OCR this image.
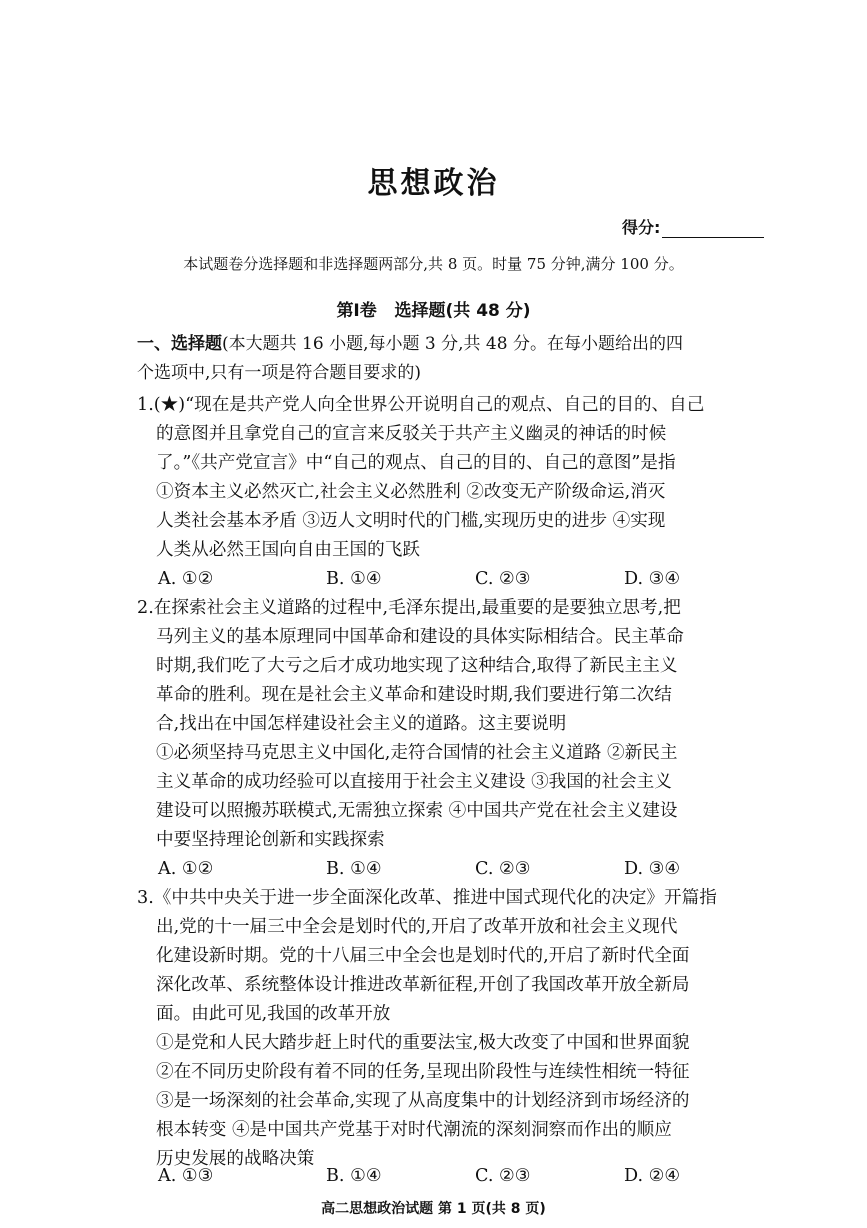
思想政治
得分:
本试题卷分选择题和非选择题两部分,共 8 页。时量 75 分钟,满分 100 分。
第Ⅰ卷   选择题(共 48 分)
一、选择题(本大题共 16 小题,每小题 3 分,共 48 分。在每小题给出的四
个选项中,只有一项是符合题目要求的)
1.(★)“现在是共产党人向全世界公开说明自己的观点、自己的目的、自己
的意图并且拿党自己的宣言来反驳关于共产主义幽灵的神话的时候
了。”《共产党宣言》中“自己的观点、自己的目的、自己的意图”是指
①资本主义必然灭亡,社会主义必然胜利 ②改变无产阶级命运,消灭
人类社会基本矛盾 ③迈人文明时代的门槛,实现历史的进步 ④实现
人类从必然王国向自由王国的飞跃
A. ①②	B. ①④	C. ②③	D. ③④
2.在探索社会主义道路的过程中,毛泽东提出,最重要的是要独立思考,把
马列主义的基本原理同中国革命和建设的具体实际相结合。民主革命
时期,我们吃了大亏之后才成功地实现了这种结合,取得了新民主主义
革命的胜利。现在是社会主义革命和建设时期,我们要进行第二次结
合,找出在中国怎样建设社会主义的道路。这主要说明
①必须坚持马克思主义中国化,走符合国情的社会主义道路 ②新民主
主义革命的成功经验可以直接用于社会主义建设 ③我国的社会主义
建设可以照搬苏联模式,无需独立探索 ④中国共产党在社会主义建设
中要坚持理论创新和实践探索
A. ①②	B. ①④	C. ②③	D. ③④
3.《中共中央关于进一步全面深化改革、推进中国式现代化的决定》开篇指
出,党的十一届三中全会是划时代的,开启了改革开放和社会主义现代
化建设新时期。党的十八届三中全会也是划时代的,开启了新时代全面
深化改革、系统整体设计推进改革新征程,开创了我国改革开放全新局
面。由此可见,我国的改革开放
①是党和人民大踏步赶上时代的重要法宝,极大改变了中国和世界面貌
②在不同历史阶段有着不同的任务,呈现出阶段性与连续性相统一特征
③是一场深刻的社会革命,实现了从高度集中的计划经济到市场经济的
根本转变 ④是中国共产党基于对时代潮流的深刻洞察而作出的顺应
历史发展的战略决策
A. ①③	B. ①④	C. ②③	D. ②④
高二思想政治试题 第 1 页(共 8 页)
